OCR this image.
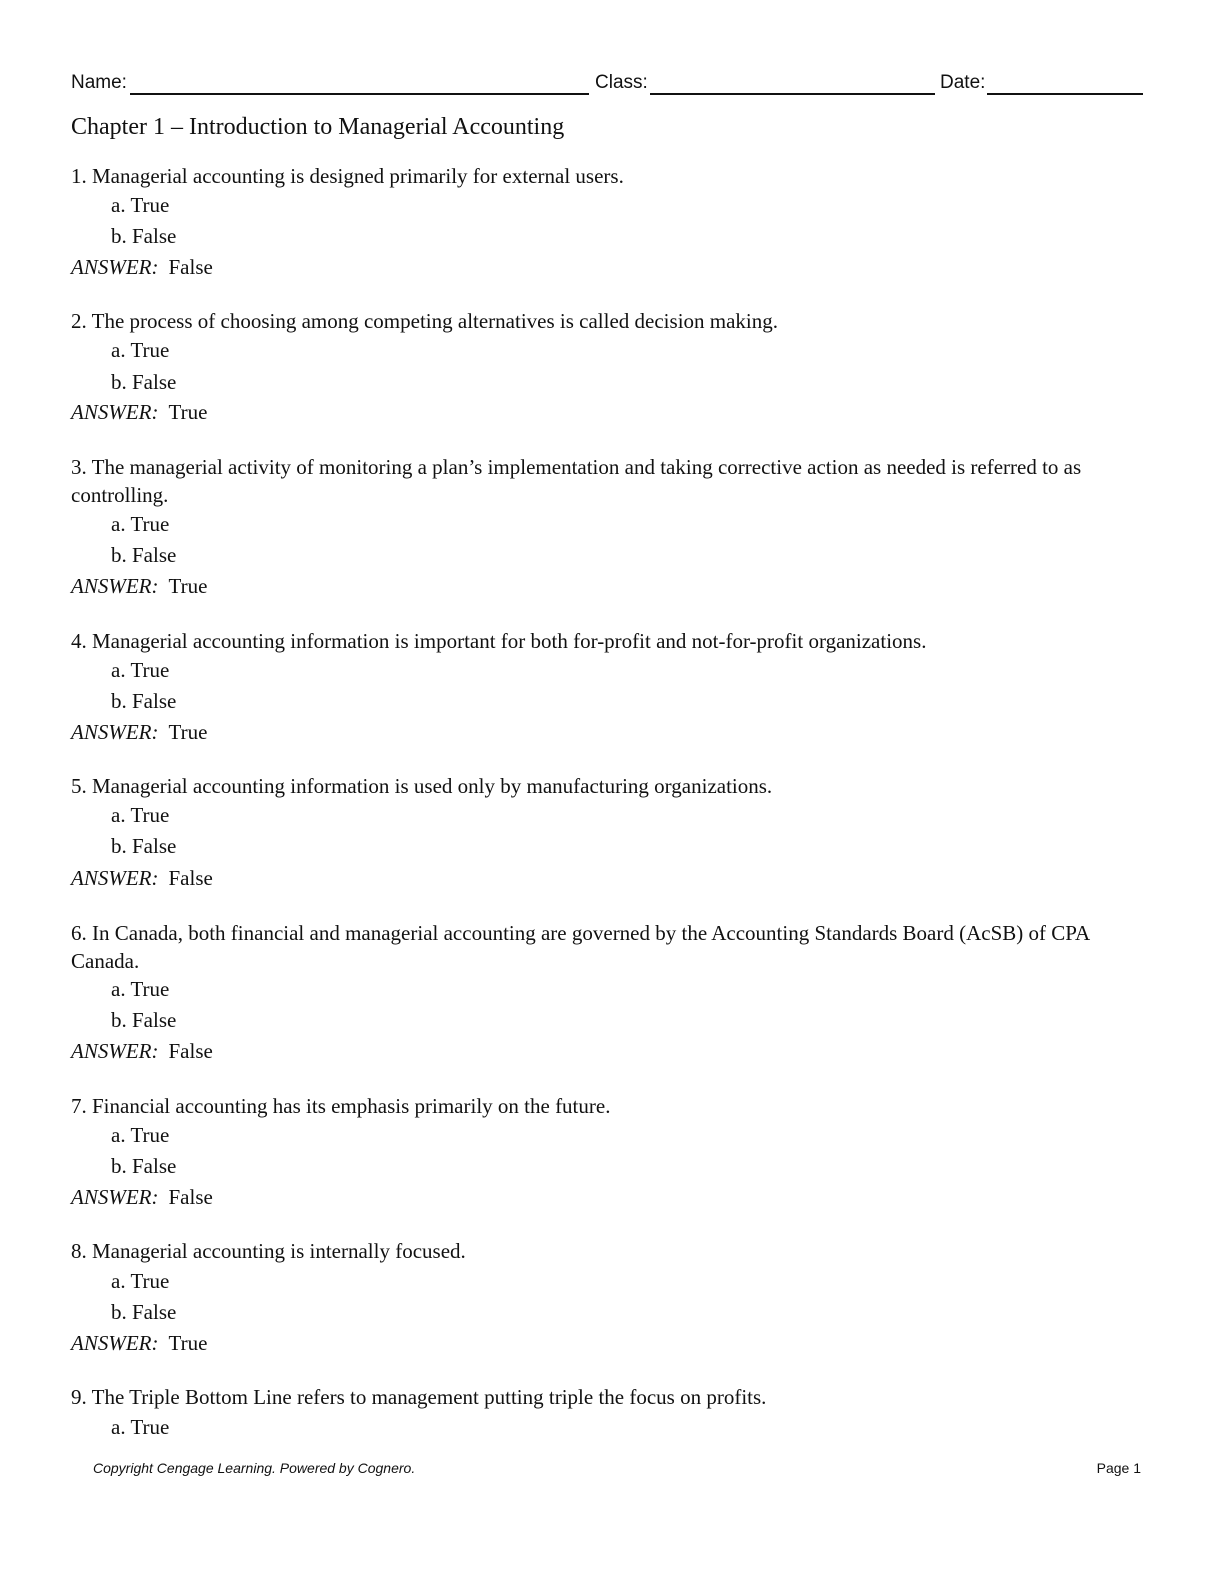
Name:	Class:	Date:
Chapter 1 – Introduction to Managerial Accounting
1. Managerial accounting is designed primarily for external users.
a. True
b. False
ANSWER: False
2. The process of choosing among competing alternatives is called decision making.
a. True
b. False
ANSWER: True
3. The managerial activity of monitoring a plan’s implementation and taking corrective action as needed is referred to as controlling.
a. True
b. False
ANSWER: True
4. Managerial accounting information is important for both for-profit and not-for-profit organizations.
a. True
b. False
ANSWER: True
5. Managerial accounting information is used only by manufacturing organizations.
a. True
b. False
ANSWER: False
6. In Canada, both financial and managerial accounting are governed by the Accounting Standards Board (AcSB) of CPA Canada.
a. True
b. False
ANSWER: False
7. Financial accounting has its emphasis primarily on the future.
a. True
b. False
ANSWER: False
8. Managerial accounting is internally focused.
a. True
b. False
ANSWER: True
9. The Triple Bottom Line refers to management putting triple the focus on profits.
a. True
Copyright Cengage Learning. Powered by Cognero.	Page 1
